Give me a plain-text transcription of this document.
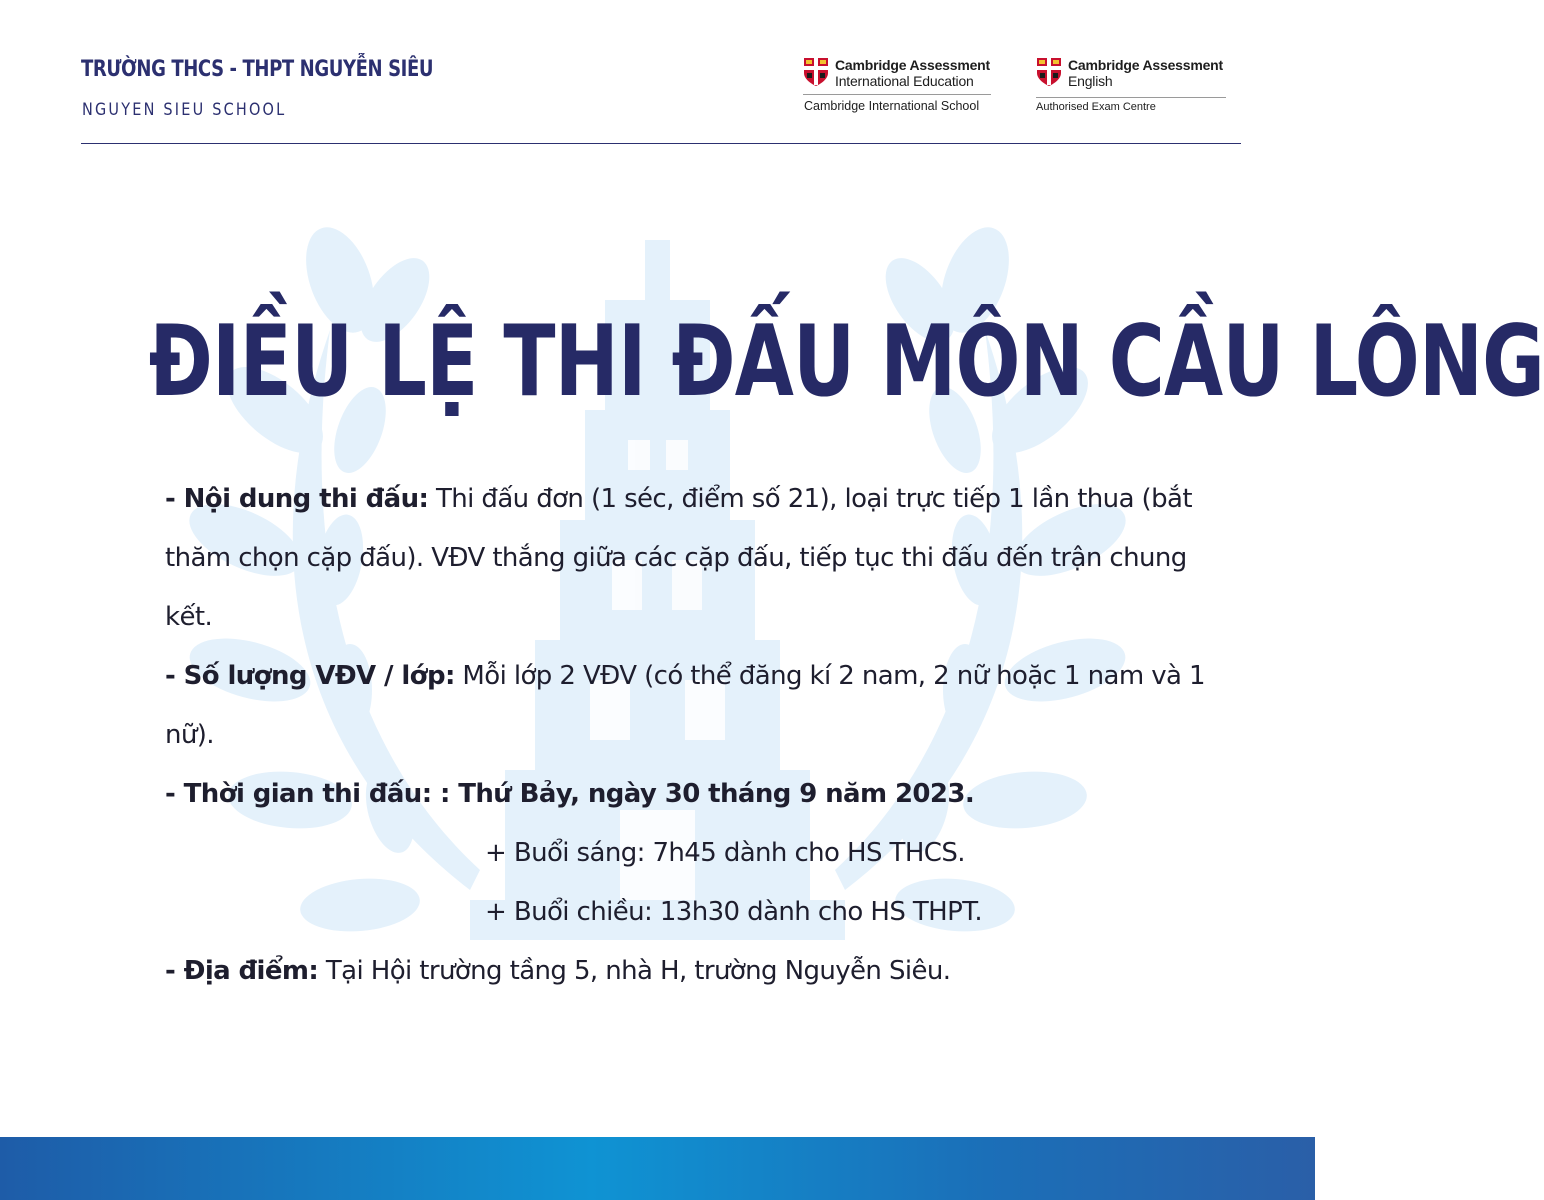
TRƯỜNG THCS - THPT NGUYỄN SIÊU
NGUYEN SIEU SCHOOL
Cambridge Assessment
International Education
Cambridge International School
Cambridge Assessment
English
Authorised Exam Centre
ĐIỀU LỆ THI ĐẤU MÔN CẦU LÔNG

- Nội dung thi đấu: Thi đấu đơn (1 séc, điểm số 21), loại trực tiếp 1 lần thua (bắt thăm chọn cặp đấu). VĐV thắng giữa các cặp đấu, tiếp tục thi đấu đến trận chung kết.

- Số lượng VĐV / lớp: Mỗi lớp 2 VĐV (có thể đăng kí 2 nam, 2 nữ hoặc 1 nam và 1 nữ).

- Thời gian thi đấu: : Thứ Bảy, ngày 30 tháng 9 năm 2023.

+ Buổi sáng: 7h45 dành cho HS THCS.

+ Buổi chiều: 13h30 dành cho HS THPT.

- Địa điểm: Tại Hội trường tầng 5, nhà H, trường Nguyễn Siêu.
